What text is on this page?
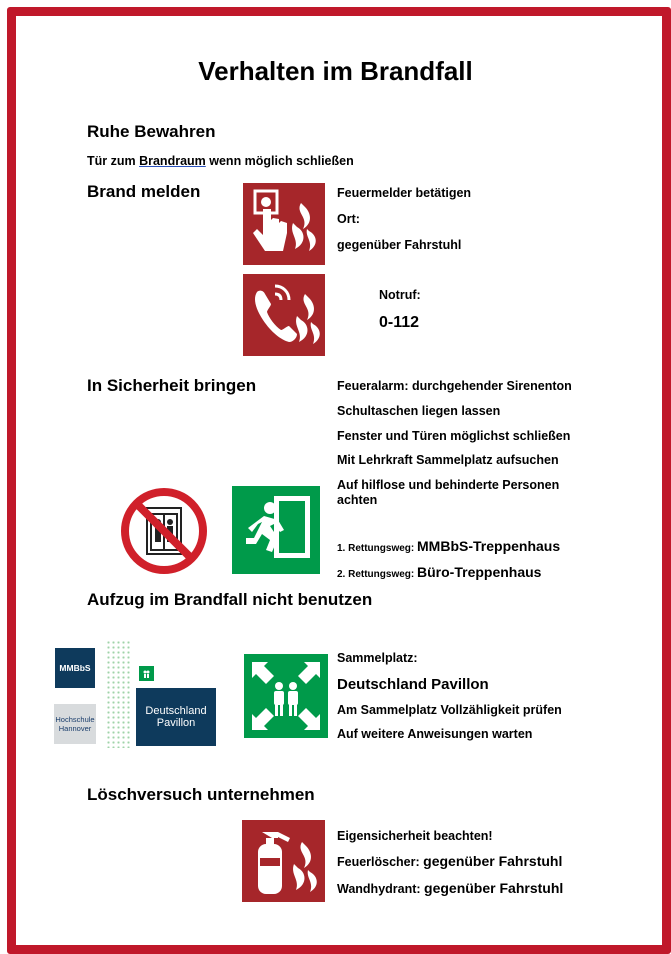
Verhalten im Brandfall
Ruhe Bewahren
Tür zum Brandraum wenn möglich schließen
Brand melden	Feuermelder betätigen
Ort:
gegenüber Fahrstuhl
Notruf:
0-112
In Sicherheit bringen	Feueralarm: durchgehender Sirenenton
Schultaschen liegen lassen
Fenster und Türen möglichst schließen
Mit Lehrkraft Sammelplatz aufsuchen
Auf hilflose und behinderte Personen
achten
1. Rettungsweg: MMBbS-Treppenhaus
2. Rettungsweg: Büro-Treppenhaus
Aufzug im Brandfall nicht benutzen
MMBbS
Hochschule
Hannover
Deutschland
Pavillon
Sammelplatz:
Deutschland Pavillon
Am Sammelplatz Vollzähligkeit prüfen
Auf weitere Anweisungen warten
Löschversuch unternehmen
Eigensicherheit beachten!
Feuerlöscher: gegenüber Fahrstuhl
Wandhydrant: gegenüber Fahrstuhl
